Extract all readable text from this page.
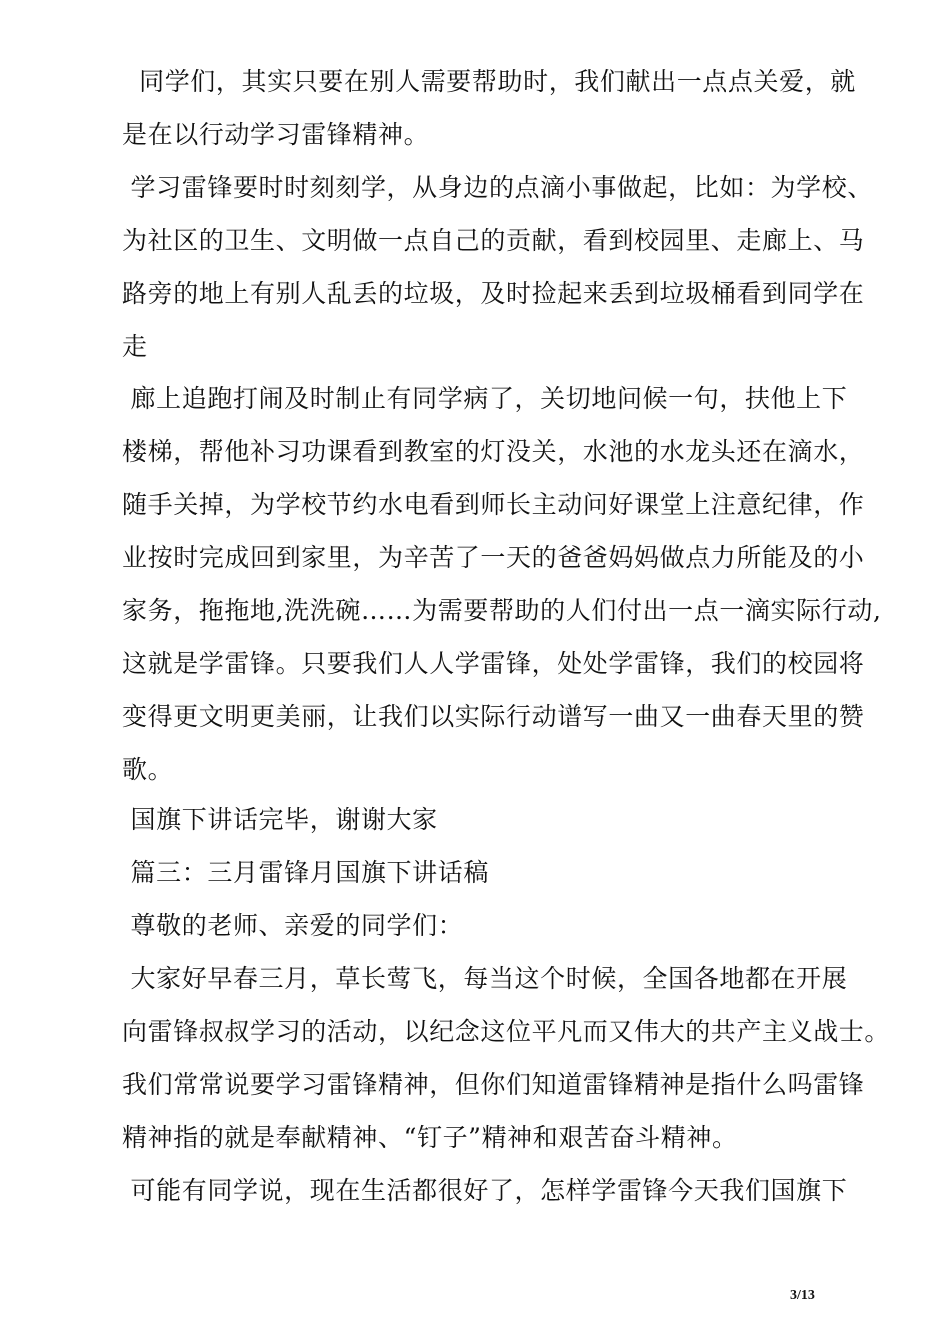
同学们，其实只要在别人需要帮助时，我们献出一点点关爱，就
是在以行动学习雷锋精神。
学习雷锋要时时刻刻学，从身边的点滴小事做起，比如：为学校、
为社区的卫生、文明做一点自己的贡献，看到校园里、走廊上、马
路旁的地上有别人乱丢的垃圾，及时捡起来丢到垃圾桶看到同学在
走
廊上追跑打闹及时制止有同学病了，关切地问候一句，扶他上下
楼梯，帮他补习功课看到教室的灯没关，水池的水龙头还在滴水，
随手关掉，为学校节约水电看到师长主动问好课堂上注意纪律，作
业按时完成回到家里，为辛苦了一天的爸爸妈妈做点力所能及的小
家务，拖拖地,洗洗碗……为需要帮助的人们付出一点一滴实际行动,
这就是学雷锋。只要我们人人学雷锋，处处学雷锋，我们的校园将
变得更文明更美丽，让我们以实际行动谱写一曲又一曲春天里的赞
歌。
国旗下讲话完毕，谢谢大家
篇三：三月雷锋月国旗下讲话稿
尊敬的老师、亲爱的同学们：
大家好早春三月，草长莺飞，每当这个时候，全国各地都在开展
向雷锋叔叔学习的活动，以纪念这位平凡而又伟大的共产主义战士。
我们常常说要学习雷锋精神，但你们知道雷锋精神是指什么吗雷锋
精神指的就是奉献精神、“钉子”精神和艰苦奋斗精神。
可能有同学说，现在生活都很好了，怎样学雷锋今天我们国旗下
3/13
